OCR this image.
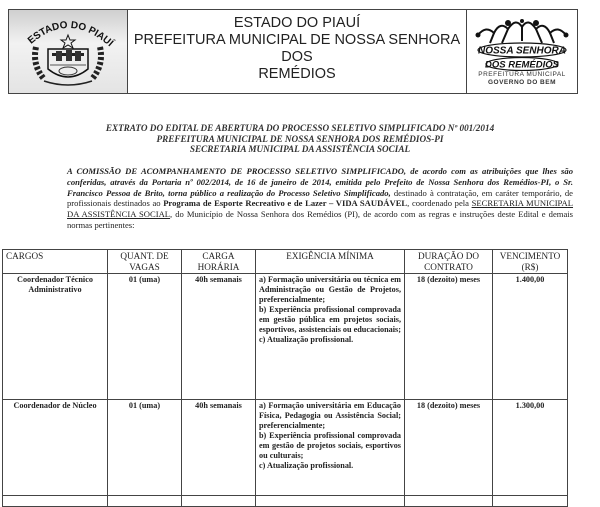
ESTADO DO PIAUÍ
ESTADO DO PIAUÍ
PREFEITURA MUNICIPAL DE NOSSA SENHORA DOS
REMÉDIOS
NOSSA SENHORA
DOS REMÉDIOS
PREFEITURA MUNICIPAL
GOVERNO DO BEM
EXTRATO DO EDITAL DE ABERTURA DO PROCESSO SELETIVO SIMPLIFICADO Nº 001/2014
PREFEITURA MUNICIPAL DE NOSSA SENHORA DOS REMÉDIOS-PI
SECRETARIA MUNICIPAL DA ASSISTÊNCIA SOCIAL
A COMISSÃO DE ACOMPANHAMENTO DE PROCESSO SELETIVO SIMPLIFICADO, de acordo com as atribuições que lhes são conferidas, através da Portaria nº 002/2014, de 16 de janeiro de 2014, emitida pelo Prefeito de Nossa Senhora dos Remédios-PI, o Sr. Francisco Pessoa de Brito, torna público a realização do Processo Seletivo Simplificado, destinado à contratação, em caráter temporário, de profissionais destinados ao Programa de Esporte Recreativo e de Lazer – VIDA SAUDÁVEL, coordenado pela SECRETARIA MUNICIPAL DA ASSISTÊNCIA SOCIAL, do Município de Nossa Senhora dos Remédios (PI), de acordo com as regras e instruções deste Edital e demais normas pertinentes:
CARGOS	QUANT. DE VAGAS	CARGA HORÁRIA	EXIGÊNCIA MÍNIMA	DURAÇÃO DO CONTRATO	VENCIMENTO (R$)
Coordenador Técnico Administrativo	01 (uma)	40h semanais	a) Formação universitária ou técnica em Administração ou Gestão de Projetos, preferencialmente;
b) Experiência profissional comprovada em gestão pública em projetos sociais, esportivos, assistenciais ou educacionais;
c) Atualização profissional.	18 (dezoito) meses	1.400,00
Coordenador de Núcleo	01 (uma)	40h semanais	a) Formação universitária em Educação Física, Pedagogia ou Assistência Social; preferencialmente;
b) Experiência profissional comprovada em gestão de projetos sociais, esportivos ou culturais;
c) Atualização profissional.	18 (dezoito) meses	1.300,00
